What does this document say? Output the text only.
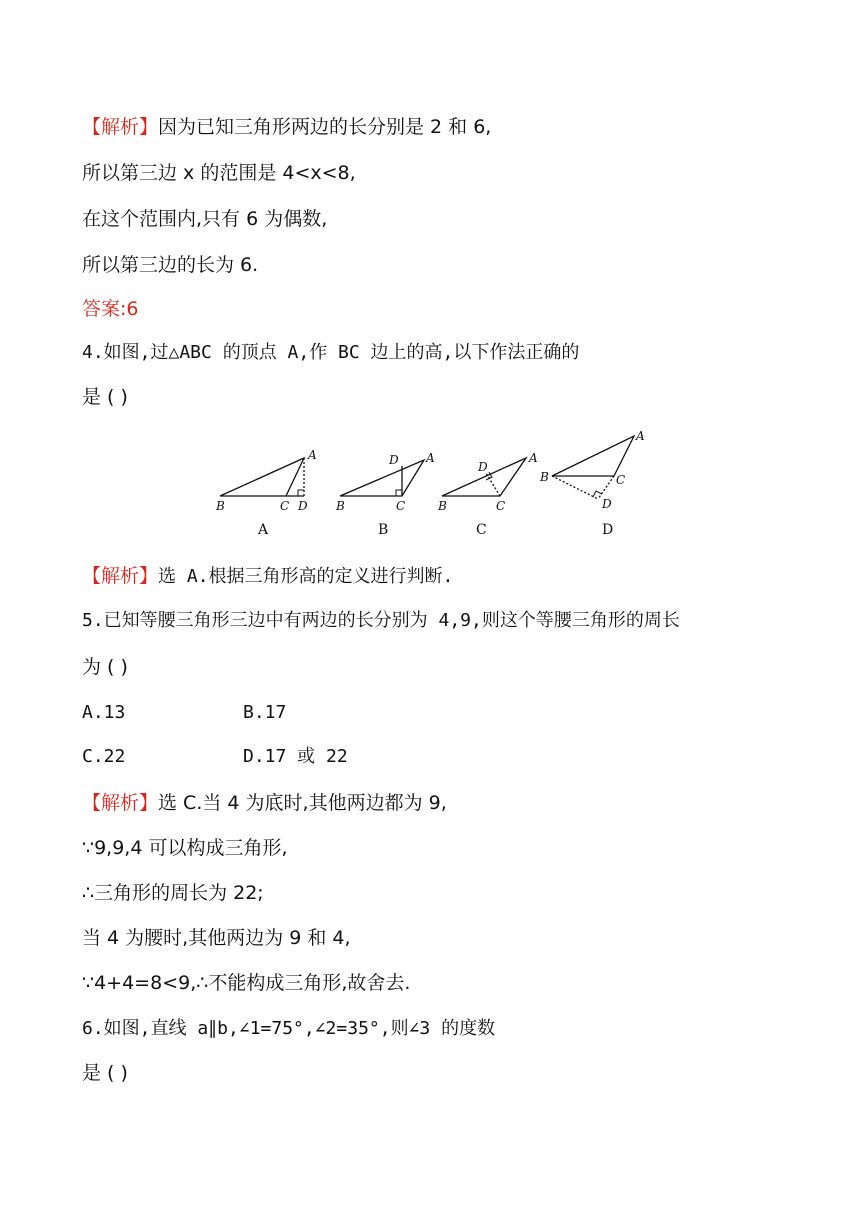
【解析】因为已知三角形两边的长分别是 2 和 6,
所以第三边 x 的范围是 4<x<8,
在这个范围内,只有 6 为偶数,
所以第三边的长为 6.
答案:6
4.如图,过△ABC 的顶点 A,作 BC 边上的高,以下作法正确的
是 ( )
A
B	C D
A
D A
B	C
B
D
A
B	C
C
A
B	C
D
D
【解析】选 A.根据三角形高的定义进行判断.
5.已知等腰三角形三边中有两边的长分别为 4,9,则这个等腰三角形的周长
为 ( )
A.13	B.17
C.22	D.17 或 22
【解析】选 C.当 4 为底时,其他两边都为 9,
∵9,9,4 可以构成三角形,
∴三角形的周长为 22;
当 4 为腰时,其他两边为 9 和 4,
∵4+4=8<9,∴不能构成三角形,故舍去.
6.如图,直线 a∥b,∠1=75°,∠2=35°,则∠3 的度数
是 ( )
